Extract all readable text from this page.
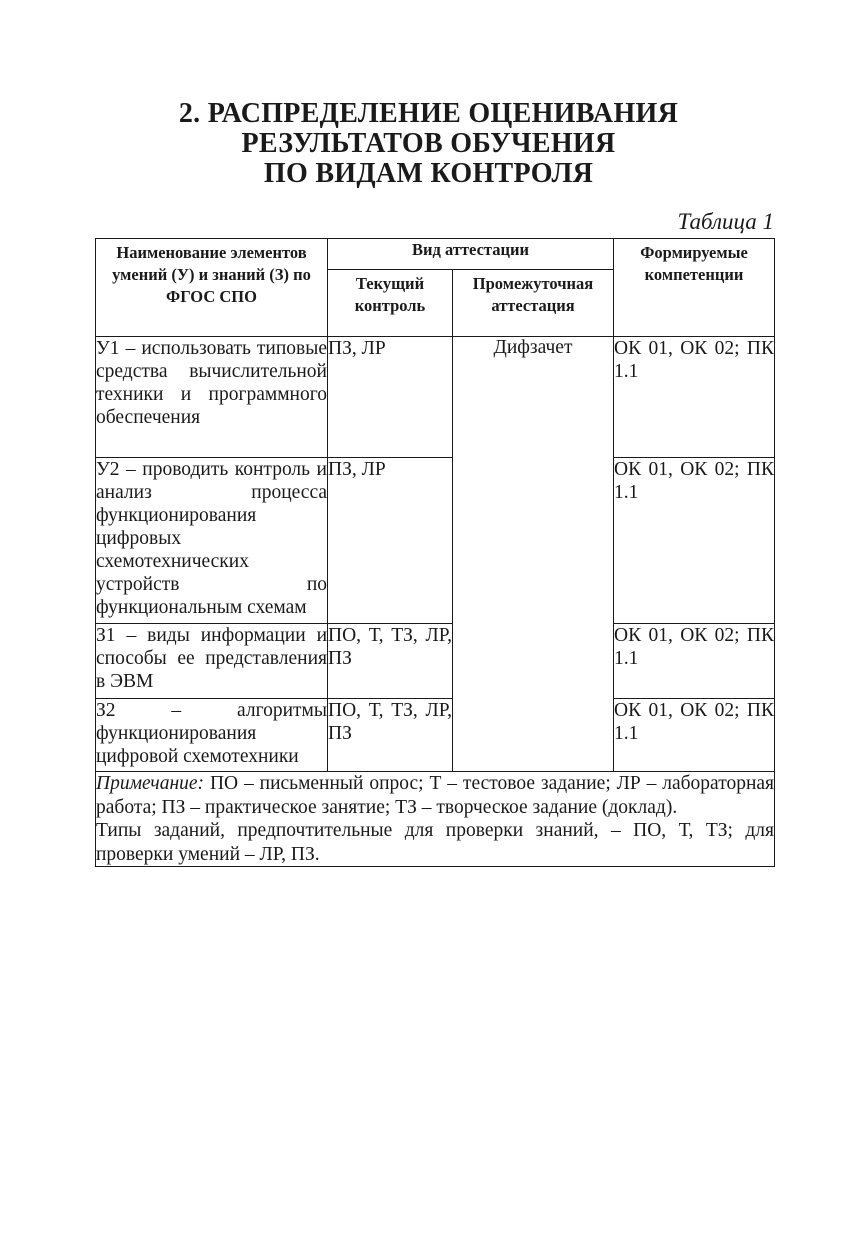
2. РАСПРЕДЕЛЕНИЕ ОЦЕНИВАНИЯ
РЕЗУЛЬТАТОВ ОБУЧЕНИЯ
ПО ВИДАМ КОНТРОЛЯ
Таблица 1
Наименование элементов умений (У) и знаний (З) по ФГОС СПО	Вид аттестации		Формируемые компетенции
	Текущий контроль	Промежуточная аттестация	
У1 – использовать типовые средства вычислительной техники и программного обеспечения	ПЗ, ЛР	Дифзачет	ОК 01, ОК 02; ПК 1.1
У2 – проводить контроль и анализ процесса функционирования цифровых схемотехнических устройств по функциональным схемам	ПЗ, ЛР		ОК 01, ОК 02; ПК 1.1
З1 – виды информации и способы ее представления в ЭВМ	ПО, Т, ТЗ, ЛР, ПЗ		ОК 01, ОК 02; ПК 1.1
З2 – алгоритмы функционирования цифровой схемотехники	ПО, Т, ТЗ, ЛР, ПЗ		ОК 01, ОК 02; ПК 1.1

Примечание: ПО – письменный опрос; Т – тестовое задание; ЛР – лабораторная работа; ПЗ – практическое занятие; ТЗ – творческое задание (доклад).
Типы заданий, предпочтительные для проверки знаний, – ПО, Т, ТЗ; для проверки умений – ЛР, ПЗ.			
